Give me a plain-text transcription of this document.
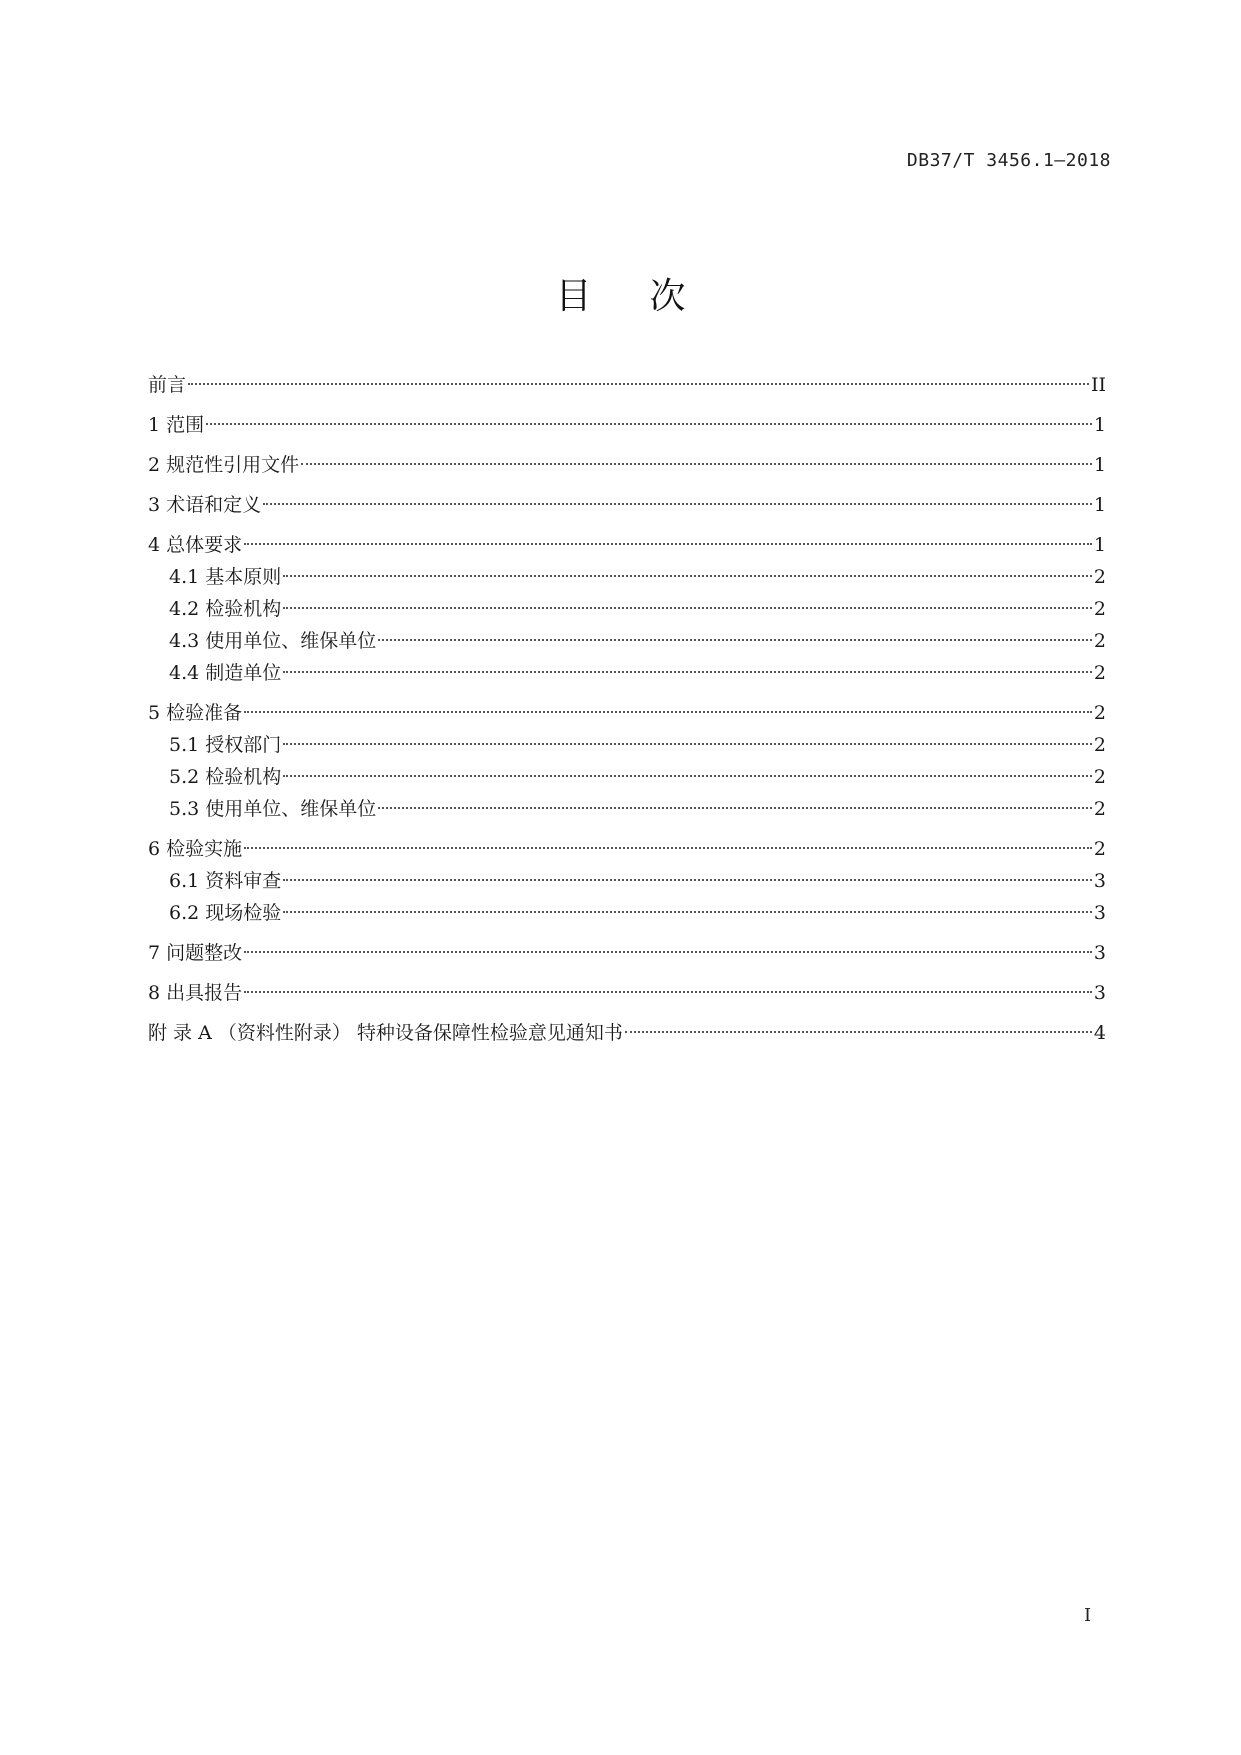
DB37/T 3456.1—2018
目次
前言	II
1 范围	1
2 规范性引用文件	1
3 术语和定义	1
4 总体要求	1
4.1 基本原则	2
4.2 检验机构	2
4.3 使用单位、维保单位	2
4.4 制造单位	2
5 检验准备	2
5.1 授权部门	2
5.2 检验机构	2
5.3 使用单位、维保单位	2
6 检验实施	2
6.1 资料审查	3
6.2 现场检验	3
7 问题整改	3
8 出具报告	3
附 录 A （资料性附录） 特种设备保障性检验意见通知书	4
I
